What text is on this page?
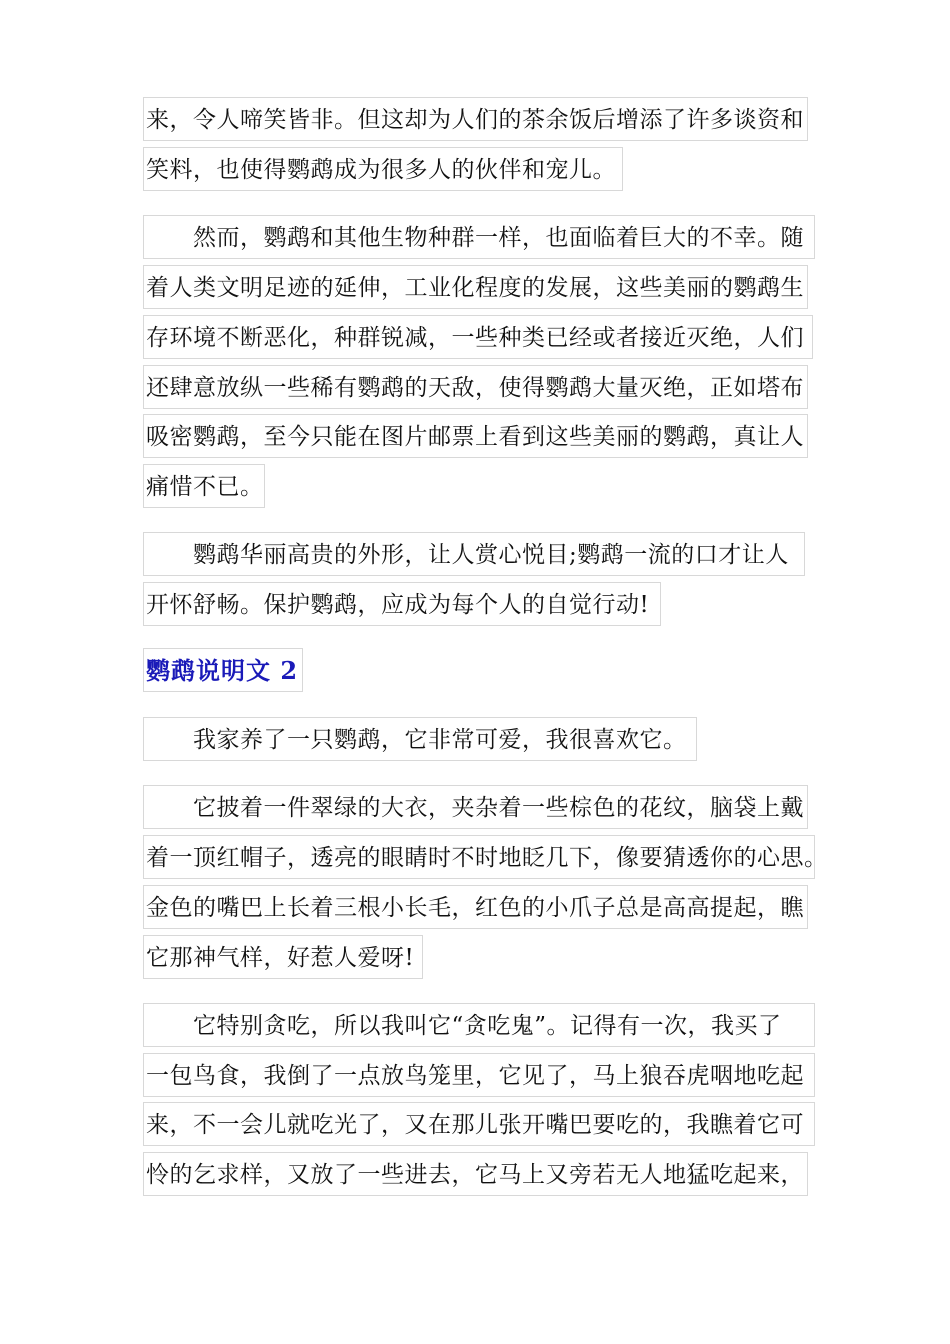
来，令人啼笑皆非。但这却为人们的茶余饭后增添了许多谈资和
笑料，也使得鹦鹉成为很多人的伙伴和宠儿。
然而，鹦鹉和其他生物种群一样，也面临着巨大的不幸。随
着人类文明足迹的延伸，工业化程度的发展，这些美丽的鹦鹉生
存环境不断恶化，种群锐减，一些种类已经或者接近灭绝，人们
还肆意放纵一些稀有鹦鹉的天敌，使得鹦鹉大量灭绝，正如塔布
吸密鹦鹉，至今只能在图片邮票上看到这些美丽的鹦鹉，真让人
痛惜不已。
鹦鹉华丽高贵的外形，让人赏心悦目;鹦鹉一流的口才让人
开怀舒畅。保护鹦鹉，应成为每个人的自觉行动!
鹦鹉说明文 2
我家养了一只鹦鹉，它非常可爱，我很喜欢它。
它披着一件翠绿的大衣，夹杂着一些棕色的花纹，脑袋上戴
着一顶红帽子，透亮的眼睛时不时地眨几下，像要猜透你的心思。
金色的嘴巴上长着三根小长毛，红色的小爪子总是高高提起，瞧
它那神气样，好惹人爱呀!
它特别贪吃，所以我叫它“贪吃鬼”。记得有一次，我买了
一包鸟食，我倒了一点放鸟笼里，它见了，马上狼吞虎咽地吃起
来，不一会儿就吃光了，又在那儿张开嘴巴要吃的，我瞧着它可
怜的乞求样，又放了一些进去，它马上又旁若无人地猛吃起来，
